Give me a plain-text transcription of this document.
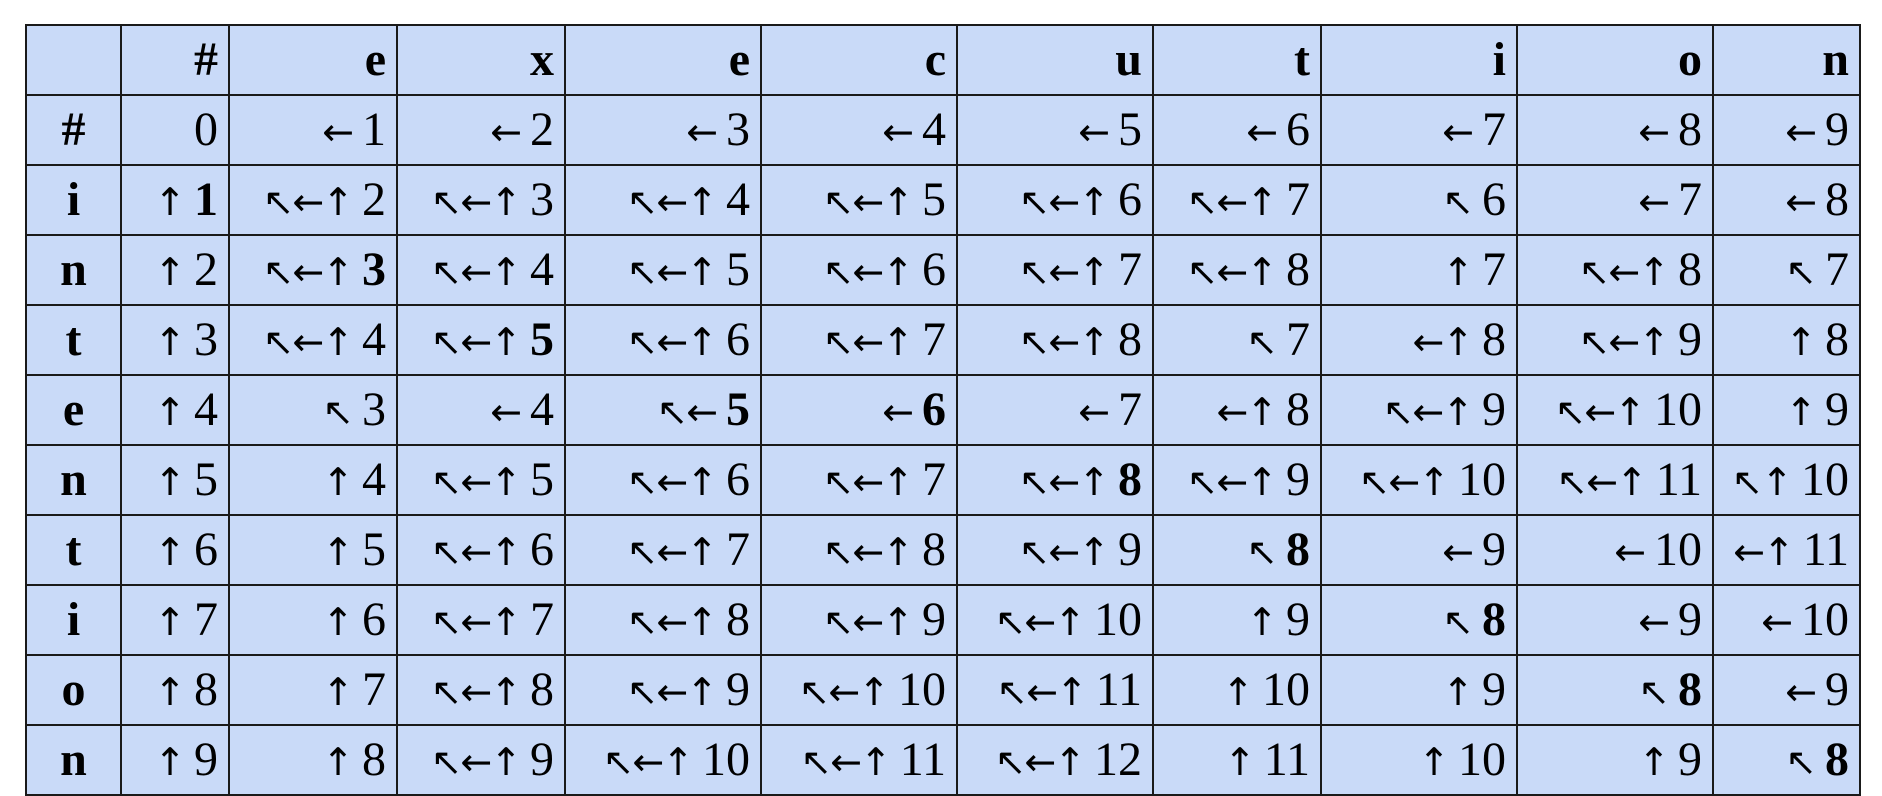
	#	e	x	e	c	u	t	i	o	n
#	0	← 1	← 2	← 3	← 4	← 5	← 6	← 7	← 8	← 9
i	↑ 1	↖←↑ 2	↖←↑ 3	↖←↑ 4	↖←↑ 5	↖←↑ 6	↖←↑ 7	↖ 6	← 7	← 8
n	↑ 2	↖←↑ 3	↖←↑ 4	↖←↑ 5	↖←↑ 6	↖←↑ 7	↖←↑ 8	↑ 7	↖←↑ 8	↖ 7
t	↑ 3	↖←↑ 4	↖←↑ 5	↖←↑ 6	↖←↑ 7	↖←↑ 8	↖ 7	←↑ 8	↖←↑ 9	↑ 8
e	↑ 4	↖ 3	← 4	↖← 5	← 6	← 7	←↑ 8	↖←↑ 9	↖←↑ 10	↑ 9
n	↑ 5	↑ 4	↖←↑ 5	↖←↑ 6	↖←↑ 7	↖←↑ 8	↖←↑ 9	↖←↑ 10	↖←↑ 11	↖↑ 10
t	↑ 6	↑ 5	↖←↑ 6	↖←↑ 7	↖←↑ 8	↖←↑ 9	↖ 8	← 9	← 10	←↑ 11
i	↑ 7	↑ 6	↖←↑ 7	↖←↑ 8	↖←↑ 9	↖←↑ 10	↑ 9	↖ 8	← 9	← 10
o	↑ 8	↑ 7	↖←↑ 8	↖←↑ 9	↖←↑ 10	↖←↑ 11	↑ 10	↑ 9	↖ 8	← 9
n	↑ 9	↑ 8	↖←↑ 9	↖←↑ 10	↖←↑ 11	↖←↑ 12	↑ 11	↑ 10	↑ 9	↖ 8
